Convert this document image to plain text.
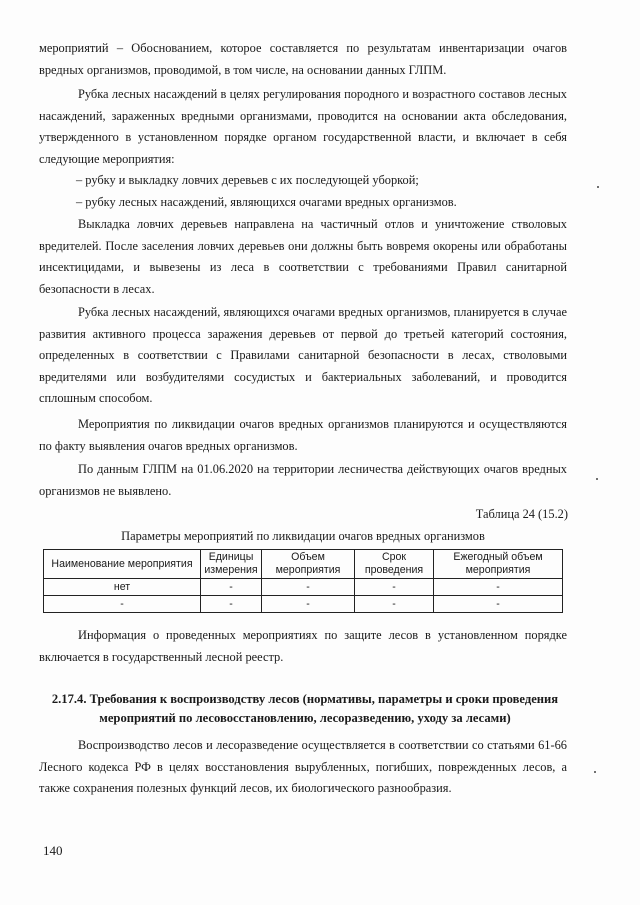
мероприятий – Обоснованием, которое составляется по результатам инвентаризации очагов вредных организмов, проводимой, в том числе, на основании данных ГЛПМ.

Рубка лесных насаждений в целях регулирования породного и возрастного составов лесных насаждений, зараженных вредными организмами, проводится на основании акта обследования, утвержденного в установленном порядке органом государственной власти, и включает в себя следующие мероприятия:

– рубку и выкладку ловчих деревьев с их последующей уборкой;

– рубку лесных насаждений, являющихся очагами вредных организмов.

Выкладка ловчих деревьев направлена на частичный отлов и уничтожение стволовых вредителей. После заселения ловчих деревьев они должны быть вовремя окорены или обработаны инсектицидами, и вывезены из леса в соответствии с требованиями Правил санитарной безопасности в лесах.

Рубка лесных насаждений, являющихся очагами вредных организмов, планируется в случае развития активного процесса заражения деревьев от первой до третьей категорий состояния, определенных в соответствии с Правилами санитарной безопасности в лесах, стволовыми вредителями или возбудителями сосудистых и бактериальных заболеваний, и проводится сплошным способом.

Мероприятия по ликвидации очагов вредных организмов планируются и осуществляются по факту выявления очагов вредных организмов.

По данным ГЛПМ на 01.06.2020 на территории лесничества действующих очагов вредных организмов не выявлено.

Таблица 24 (15.2)

Параметры мероприятий по ликвидации очагов вредных организмов

Наименование мероприятия	Единицы измерения	Объем мероприятия	Срок проведения	Ежегодный объем мероприятия
нет	-	-	-	-
-	-	-	-	-

Информация о проведенных мероприятиях по защите лесов в установленном порядке включается в государственный лесной реестр.

2.17.4. Требования к воспроизводству лесов (нормативы, параметры и сроки проведения мероприятий по лесовосстановлению, лесоразведению, уходу за лесами)

Воспроизводство лесов и лесоразведение осуществляется в соответствии со статьями 61-66 Лесного кодекса РФ в целях восстановления вырубленных, погибших, поврежденных лесов, а также сохранения полезных функций лесов, их биологического разнообразия.

140
